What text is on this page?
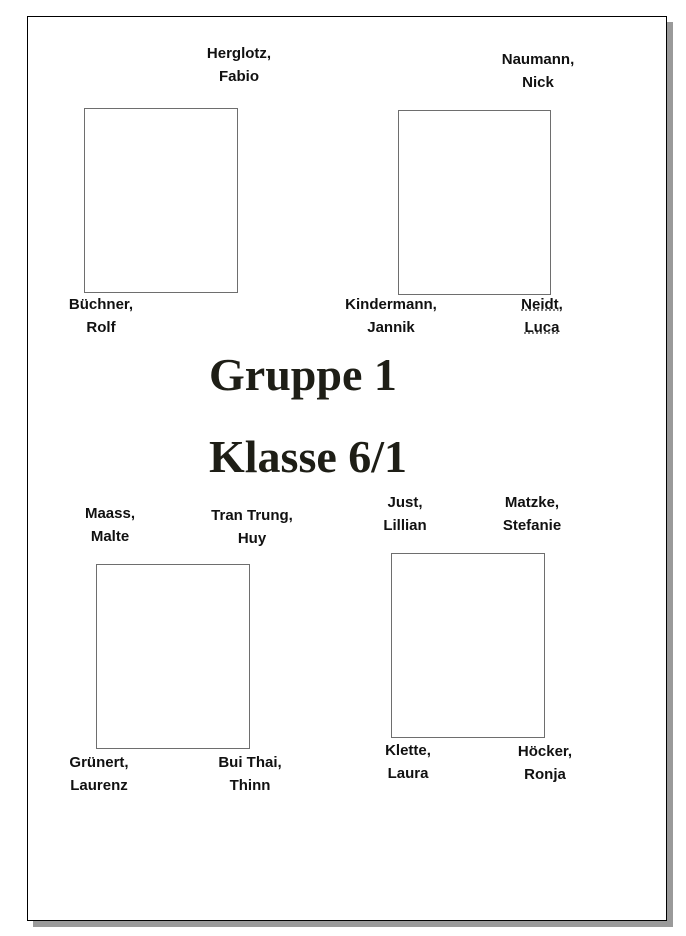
Herglotz,
Fabio
Büchner,
Rolf
Naumann,
Nick
Kindermann,
Jannik
Neidt,
Luca
Gruppe 1
Klasse 6/1
Maass,
Malte
Tran Trung,
Huy
Grünert,
Laurenz
Bui Thai,
Thinn
Just,
Lillian
Matzke,
Stefanie
Klette,
Laura
Höcker,
Ronja
